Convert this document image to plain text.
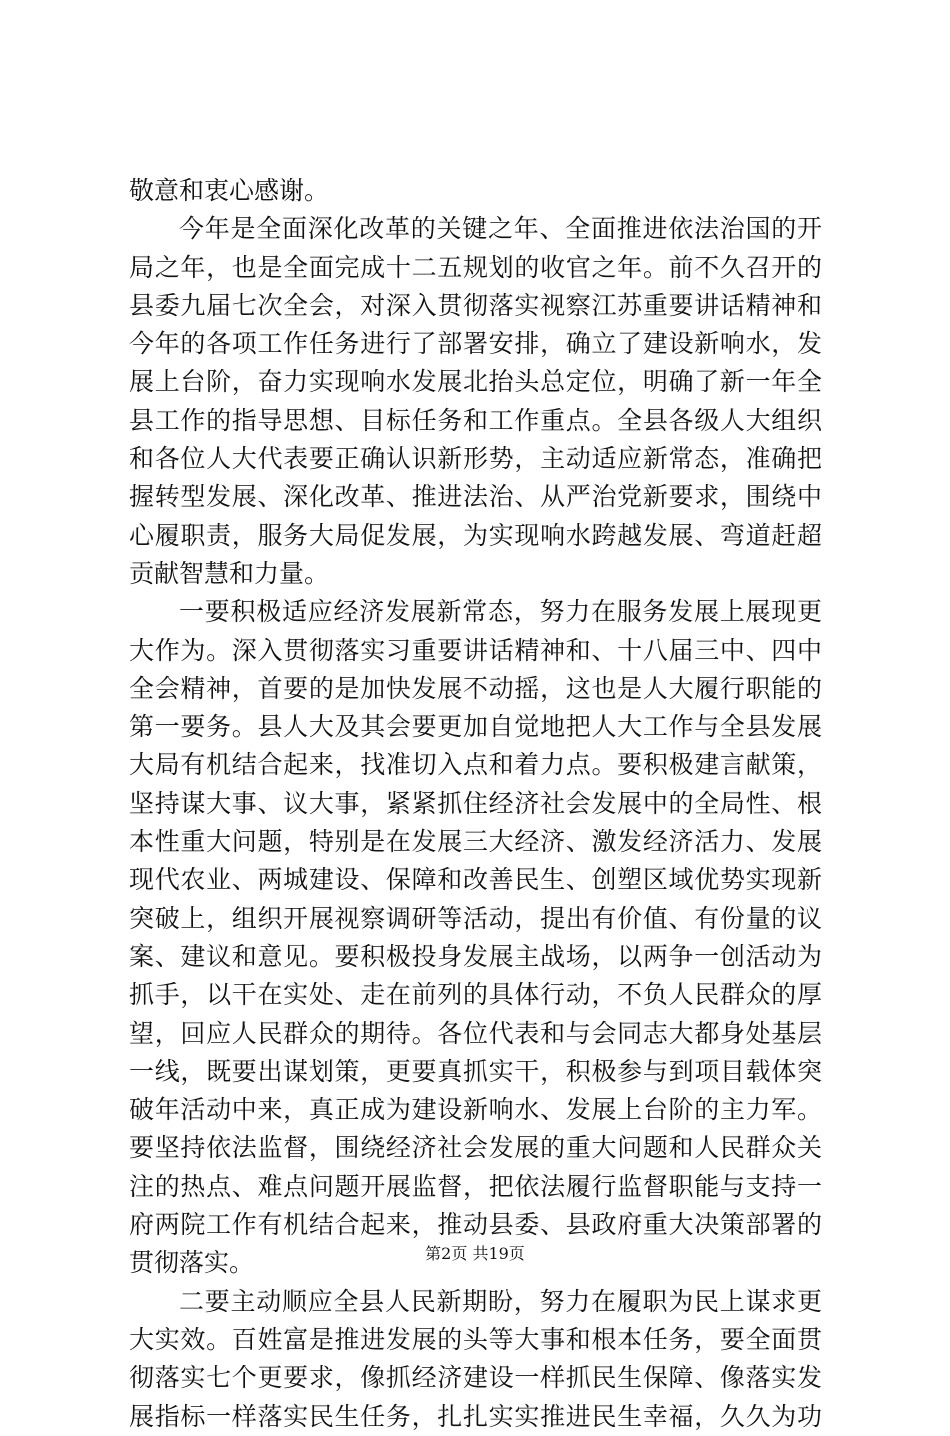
敬意和衷心感谢。
今年是全面深化改革的关键之年、全面推进依法治国的开
局之年，也是全面完成十二五规划的收官之年。前不久召开的
县委九届七次全会，对深入贯彻落实视察江苏重要讲话精神和
今年的各项工作任务进行了部署安排，确立了建设新响水，发
展上台阶，奋力实现响水发展北抬头总定位，明确了新一年全
县工作的指导思想、目标任务和工作重点。全县各级人大组织
和各位人大代表要正确认识新形势，主动适应新常态，准确把
握转型发展、深化改革、推进法治、从严治党新要求，围绕中
心履职责，服务大局促发展，为实现响水跨越发展、弯道赶超
贡献智慧和力量。
一要积极适应经济发展新常态，努力在服务发展上展现更
大作为。深入贯彻落实习重要讲话精神和、十八届三中、四中
全会精神，首要的是加快发展不动摇，这也是人大履行职能的
第一要务。县人大及其会要更加自觉地把人大工作与全县发展
大局有机结合起来，找准切入点和着力点。要积极建言献策，
坚持谋大事、议大事，紧紧抓住经济社会发展中的全局性、根
本性重大问题，特别是在发展三大经济、激发经济活力、发展
现代农业、两城建设、保障和改善民生、创塑区域优势实现新
突破上，组织开展视察调研等活动，提出有价值、有份量的议
案、建议和意见。要积极投身发展主战场，以两争一创活动为
抓手，以干在实处、走在前列的具体行动，不负人民群众的厚
望，回应人民群众的期待。各位代表和与会同志大都身处基层
一线，既要出谋划策，更要真抓实干，积极参与到项目载体突
破年活动中来，真正成为建设新响水、发展上台阶的主力军。
要坚持依法监督，围绕经济社会发展的重大问题和人民群众关
注的热点、难点问题开展监督，把依法履行监督职能与支持一
府两院工作有机结合起来，推动县委、县政府重大决策部署的
贯彻落实。
二要主动顺应全县人民新期盼，努力在履职为民上谋求更
大实效。百姓富是推进发展的头等大事和根本任务，要全面贯
彻落实七个更要求，像抓经济建设一样抓民生保障、像落实发
展指标一样落实民生任务，扎扎实实推进民生幸福，久久为功
第2页 共19页
